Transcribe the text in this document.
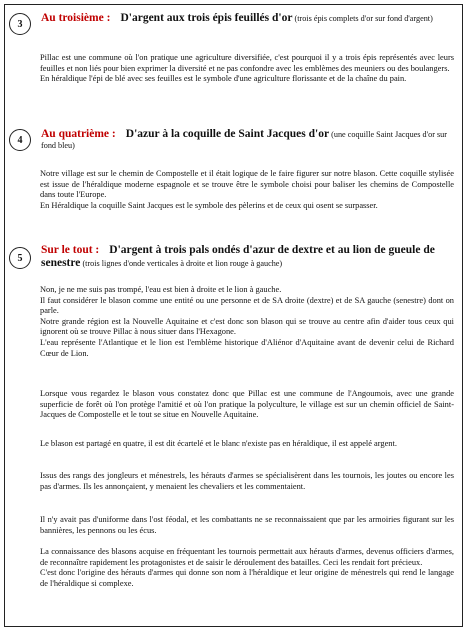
3 Au troisième : D'argent aux trois épis feuillés d'or (trois épis complets d'or sur fond d'argent)

Pillac est une commune où l'on pratique une agriculture diversifiée, c'est pourquoi il y a trois épis représentés avec leurs feuilles et non liés pour bien exprimer la diversité et ne pas confondre avec les emblèmes des meuniers ou des boulangers.

En héraldique l'épi de blé avec ses feuilles est le symbole d'une agriculture florissante et de la chaîne du pain.

4 Au quatrième : D'azur à la coquille de Saint Jacques d'or (une coquille Saint Jacques d'or sur fond bleu)

Notre village est sur le chemin de Compostelle et il était logique de le faire figurer sur notre blason. Cette coquille stylisée est issue de l'héraldique moderne espagnole et se trouve être le symbole choisi pour baliser les chemins de Compostelle dans toute l'Europe.

En Héraldique la coquille Saint Jacques est le symbole des pèlerins et de ceux qui osent se surpasser.

5
Sur le tout : D'argent à trois pals ondés d'azur de dextre et au lion de gueule de senestre (trois lignes d'onde verticales à droite et lion rouge à gauche)

Non, je ne me suis pas trompé, l'eau est bien à droite et le lion à gauche.

Il faut considérer le blason comme une entité ou une personne et de SA droite (dextre) et de SA gauche (senestre) dont on parle.

Notre grande région est la Nouvelle Aquitaine et c'est donc son blason qui se trouve au centre afin d'aider tous ceux qui ignorent où se trouve Pillac à nous situer dans l'Hexagone.

L'eau représente l'Atlantique et le lion est l'emblème historique d'Aliénor d'Aquitaine avant de devenir celui de Richard Cœur de Lion.

Lorsque vous regardez le blason vous constatez donc que Pillac est une commune de l'Angoumois, avec une grande superficie de forêt où l'on protège l'amitié et où l'on pratique la polyculture, le village est sur un chemin officiel de Saint-Jacques de Compostelle et le tout se situe en Nouvelle Aquitaine.

Le blason est partagé en quatre, il est dit écartelé et le blanc n'existe pas en héraldique, il est appelé argent.

Issus des rangs des jongleurs et ménestrels, les hérauts d'armes se spécialisèrent dans les tournois, les joutes ou encore les pas d'armes. Ils les annonçaient, y menaient les chevaliers et les commentaient.

Il n'y avait pas d'uniforme dans l'ost féodal, et les combattants ne se reconnaissaient que par les armoiries figurant sur les bannières, les pennons ou les écus.

La connaissance des blasons acquise en fréquentant les tournois permettait aux hérauts d'armes, devenus officiers d'armes, de reconnaître rapidement les protagonistes et de saisir le déroulement des batailles. Ceci les rendait fort précieux.

C'est donc l'origine des hérauts d'armes qui donne son nom à l'héraldique et leur origine de ménestrels qui rend le langage de l'héraldique si complexe.
